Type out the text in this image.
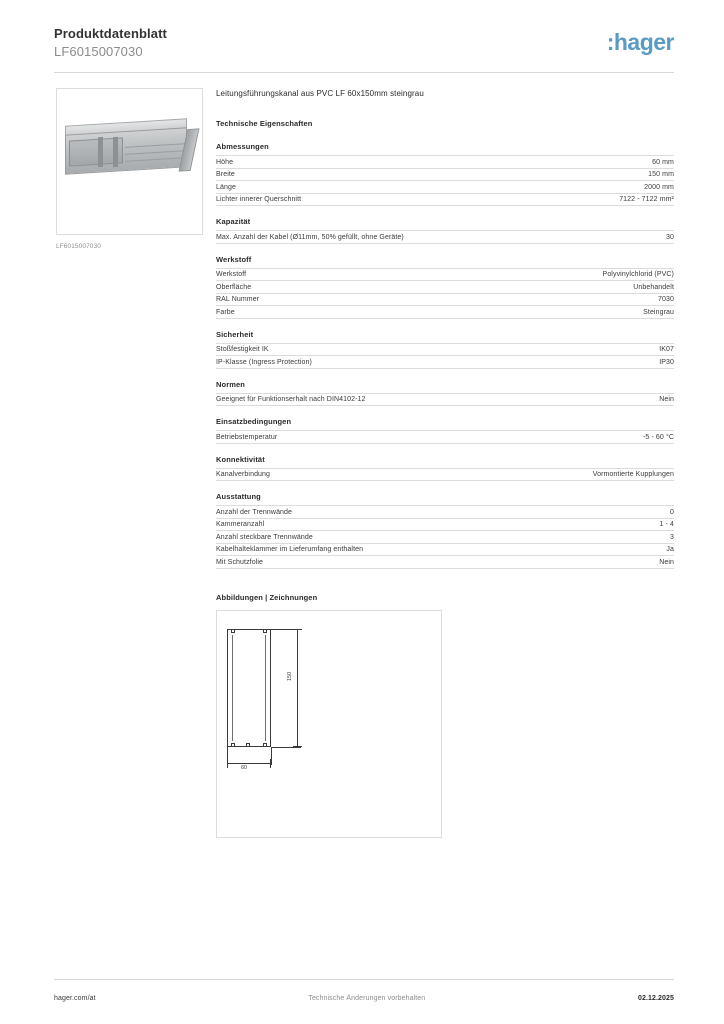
Produktdatenblatt
LF6015007030	:hager
LF6015007030

Leitungsführungskanal aus PVC LF 60x150mm steingrau

Technische Eigenschaften
Abmessungen
Höhe	60 mm
Breite	150 mm
Länge	2000 mm
Lichter innerer Querschnitt	7122 - 7122 mm²
Kapazität
Max. Anzahl der Kabel (Ø11mm, 50% gefüllt, ohne Geräte)	30
Werkstoff
Werkstoff	Polyvinylchlorid (PVC)
Oberfläche	Unbehandelt
RAL Nummer	7030
Farbe	Steingrau
Sicherheit
Stoßfestigkeit IK	IK07
IP-Klasse (Ingress Protection)	IP30
Normen
Geeignet für Funktionserhalt nach DIN4102-12	Nein
Einsatzbedingungen
Betriebstemperatur	-5 - 60 °C
Konnektivität
Kanalverbindung	Vormontierte Kupplungen
Ausstattung
Anzahl der Trennwände	0
Kammeranzahl	1 - 4
Anzahl steckbare Trennwände	3
Kabelhalteklammer im Lieferumfang enthalten	Ja
Mit Schutzfolie	Nein
Abbildungen | Zeichnungen
150
60
hager.com/at	Technische Änderungen vorbehalten	02.12.2025
